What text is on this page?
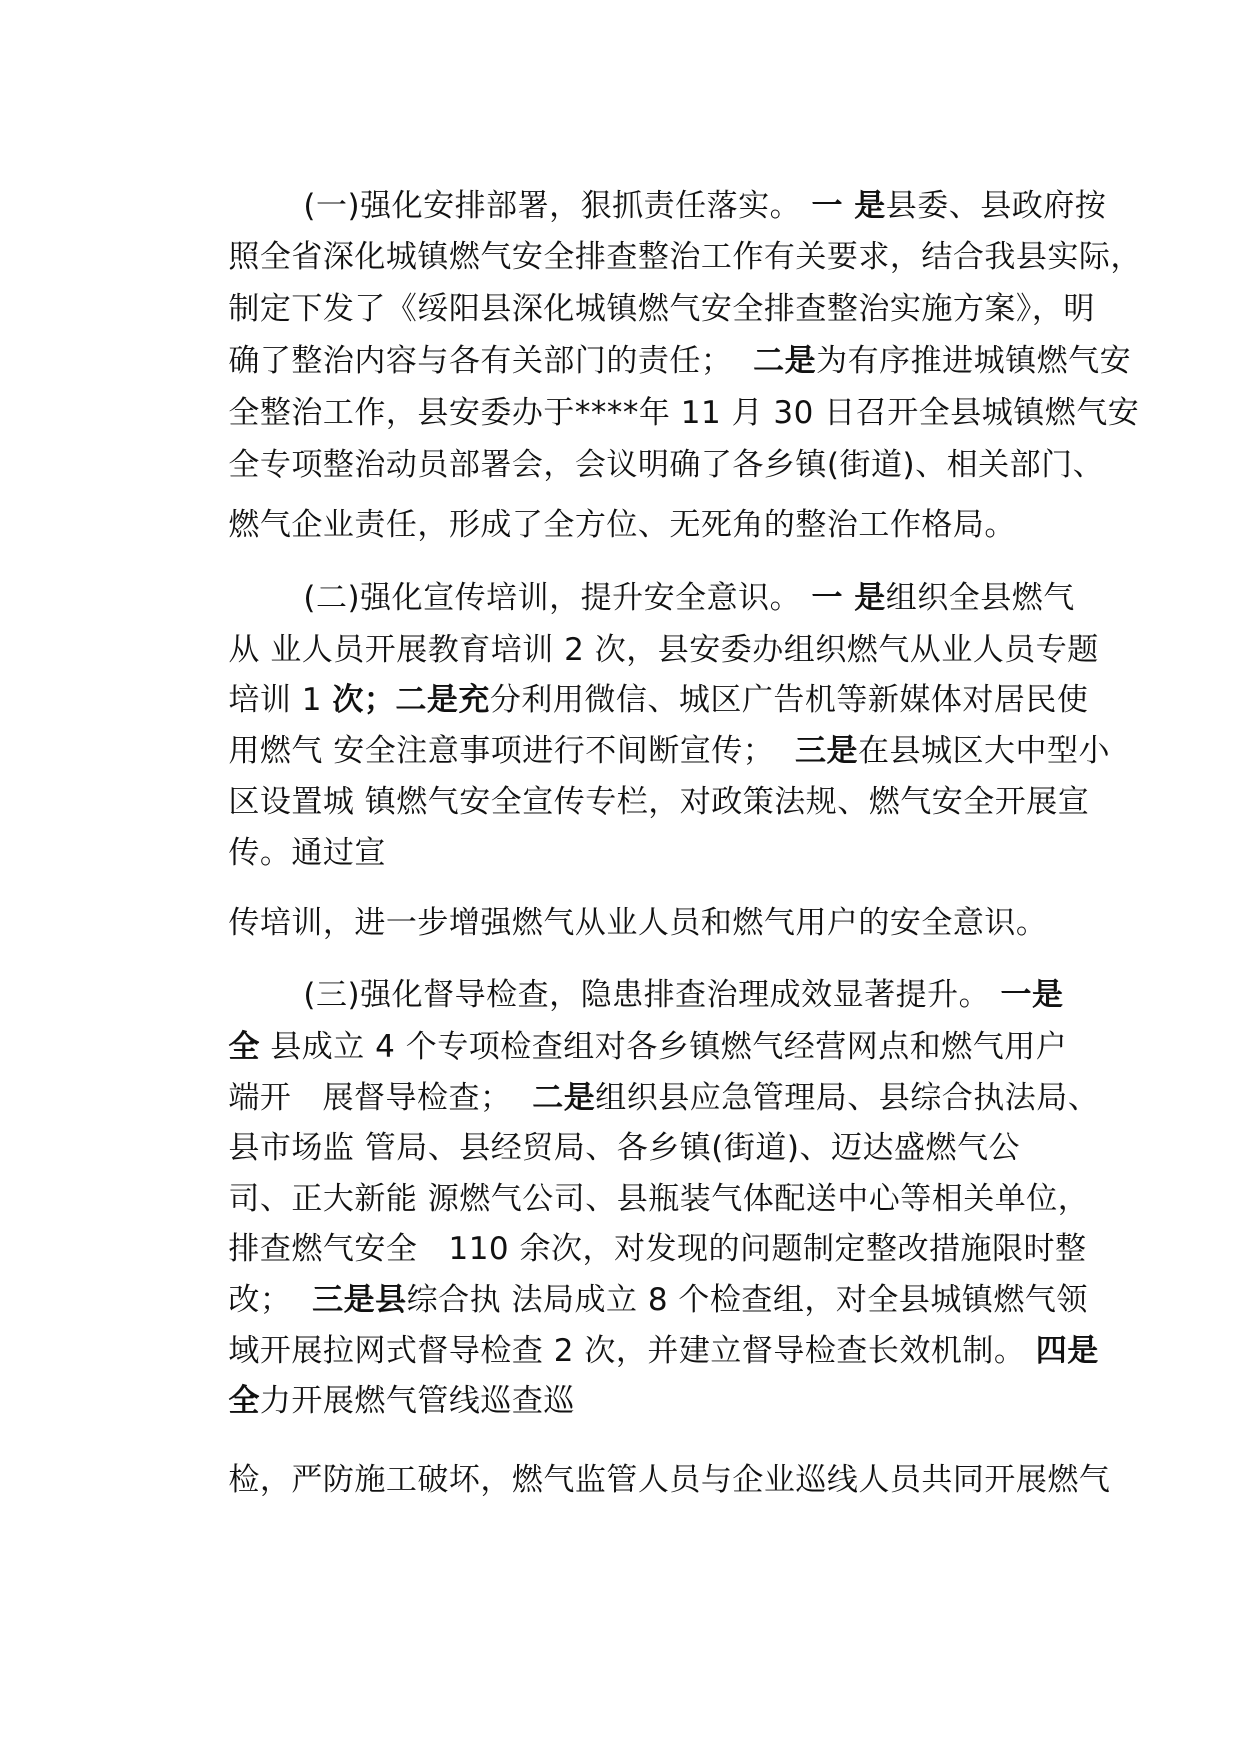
(一)强化安排部署，狠抓责任落实。 一 是县委、县政府按

照全省深化城镇燃气安全排查整治工作有关要求，结合我县实际，

制定下发了《绥阳县深化城镇燃气安全排查整治实施方案》，明

确了整治内容与各有关部门的责任；  二是为有序推进城镇燃气安

全整治工作，县安委办于****年 11 月 30 日召开全县城镇燃气安

全专项整治动员部署会，会议明确了各乡镇(街道)、相关部门、

燃气企业责任，形成了全方位、无死角的整治工作格局。

(二)强化宣传培训，提升安全意识。 一 是组织全县燃气

从 业人员开展教育培训 2 次，县安委办组织燃气从业人员专题

培训 1 次；二是充分利用微信、城区广告机等新媒体对居民使

用燃气 安全注意事项进行不间断宣传；  三是在县城区大中型小

区设置城 镇燃气安全宣传专栏，对政策法规、燃气安全开展宣

传。通过宣

传培训，进一步增强燃气从业人员和燃气用户的安全意识。

(三)强化督导检查，隐患排查治理成效显著提升。 一是

全 县成立 4 个专项检查组对各乡镇燃气经营网点和燃气用户

端开   展督导检查；  二是组织县应急管理局、县综合执法局、

县市场监 管局、县经贸局、各乡镇(街道)、迈达盛燃气公

司、正大新能 源燃气公司、县瓶装气体配送中心等相关单位，

排查燃气安全   110 余次，对发现的问题制定整改措施限时整

改；  三是县综合执 法局成立 8 个检查组，对全县城镇燃气领

域开展拉网式督导检查 2 次，并建立督导检查长效机制。 四是

全力开展燃气管线巡查巡

检，严防施工破坏，燃气监管人员与企业巡线人员共同开展燃气
